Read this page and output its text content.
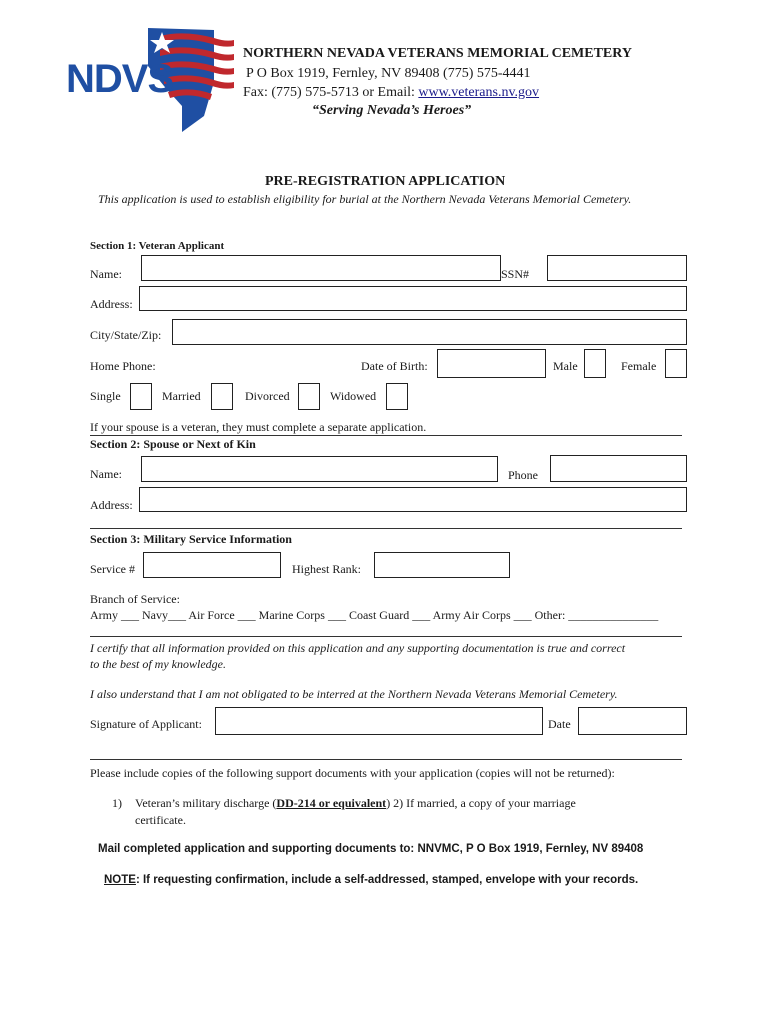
NDVS
NORTHERN NEVADA VETERANS MEMORIAL CEMETERY
P O Box 1919, Fernley, NV 89408 (775) 575-4441
Fax: (775) 575-5713 or Email: www.veterans.nv.gov
“Serving Nevada’s Heroes”
PRE-REGISTRATION APPLICATION
This application is used to establish eligibility for burial at the Northern Nevada Veterans Memorial Cemetery.
Section 1: Veteran Applicant
Name:	SSN#
Address:
City/State/Zip:
Home Phone:	Date of Birth:	Male	Female
Single	Married	Divorced	Widowed
If your spouse is a veteran, they must complete a separate application.
Section 2: Spouse or Next of Kin
Name:	Phone
Address:
Section 3: Military Service Information
Service #	Highest Rank:
Branch of Service:
Army ___ Navy___ Air Force ___ Marine Corps ___ Coast Guard ___ Army Air Corps ___ Other: _______________
I certify that all information provided on this application and any supporting documentation is true and correct
to the best of my knowledge.
I also understand that I am not obligated to be interred at the Northern Nevada Veterans Memorial Cemetery.
Signature of Applicant:	Date
Please include copies of the following support documents with your application (copies will not be returned):
1) Veteran’s military discharge (DD-214 or equivalent) 2) If married, a copy of your marriage
certificate.
Mail completed application and supporting documents to: NNVMC, P O Box 1919, Fernley, NV 89408
NOTE: If requesting confirmation, include a self-addressed, stamped, envelope with your records.
